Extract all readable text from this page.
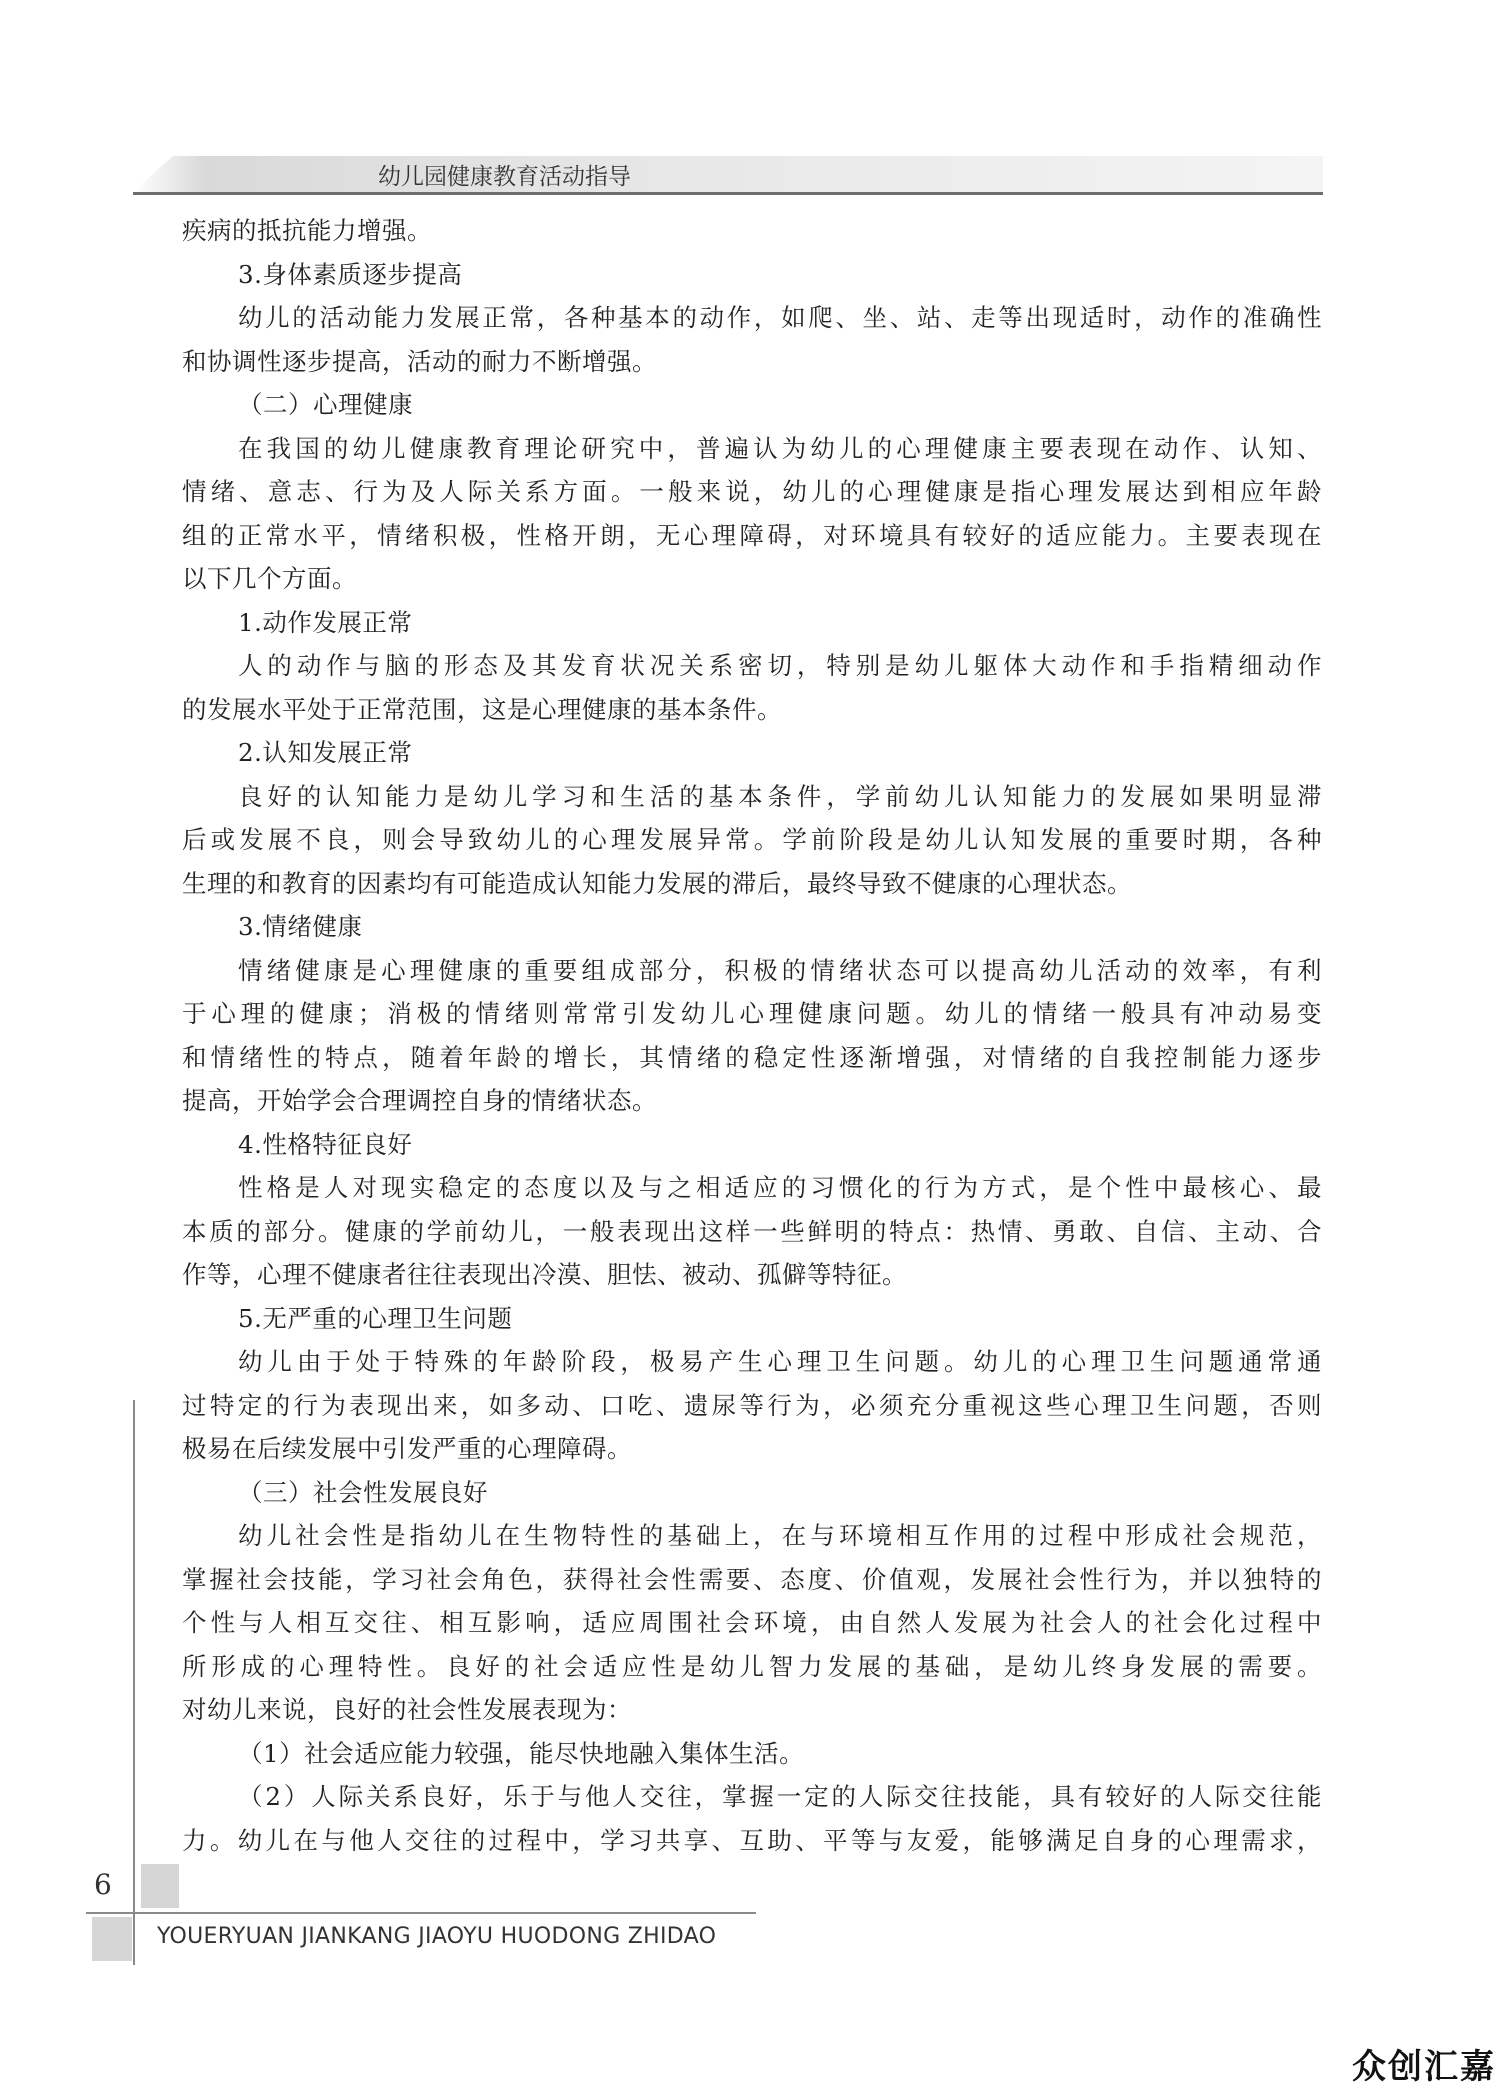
幼儿园健康教育活动指导
疾病的抵抗能力增强。
3.身体素质逐步提高
幼儿的活动能力发展正常，各种基本的动作，如爬、坐、站、走等出现适时，动作的准确性
和协调性逐步提高，活动的耐力不断增强。
（二）心理健康
在我国的幼儿健康教育理论研究中，普遍认为幼儿的心理健康主要表现在动作、认知、
情绪、意志、行为及人际关系方面。一般来说，幼儿的心理健康是指心理发展达到相应年龄
组的正常水平，情绪积极，性格开朗，无心理障碍，对环境具有较好的适应能力。主要表现在
以下几个方面。
1.动作发展正常
人的动作与脑的形态及其发育状况关系密切，特别是幼儿躯体大动作和手指精细动作
的发展水平处于正常范围，这是心理健康的基本条件。
2.认知发展正常
良好的认知能力是幼儿学习和生活的基本条件，学前幼儿认知能力的发展如果明显滞
后或发展不良，则会导致幼儿的心理发展异常。学前阶段是幼儿认知发展的重要时期，各种
生理的和教育的因素均有可能造成认知能力发展的滞后，最终导致不健康的心理状态。
3.情绪健康
情绪健康是心理健康的重要组成部分，积极的情绪状态可以提高幼儿活动的效率，有利
于心理的健康；消极的情绪则常常引发幼儿心理健康问题。幼儿的情绪一般具有冲动易变
和情绪性的特点，随着年龄的增长，其情绪的稳定性逐渐增强，对情绪的自我控制能力逐步
提高，开始学会合理调控自身的情绪状态。
4.性格特征良好
性格是人对现实稳定的态度以及与之相适应的习惯化的行为方式，是个性中最核心、最
本质的部分。健康的学前幼儿，一般表现出这样一些鲜明的特点：热情、勇敢、自信、主动、合
作等，心理不健康者往往表现出冷漠、胆怯、被动、孤僻等特征。
5.无严重的心理卫生问题
幼儿由于处于特殊的年龄阶段，极易产生心理卫生问题。幼儿的心理卫生问题通常通
过特定的行为表现出来，如多动、口吃、遗尿等行为，必须充分重视这些心理卫生问题，否则
极易在后续发展中引发严重的心理障碍。
（三）社会性发展良好
幼儿社会性是指幼儿在生物特性的基础上，在与环境相互作用的过程中形成社会规范，
掌握社会技能，学习社会角色，获得社会性需要、态度、价值观，发展社会性行为，并以独特的
个性与人相互交往、相互影响，适应周围社会环境，由自然人发展为社会人的社会化过程中
所形成的心理特性。良好的社会适应性是幼儿智力发展的基础，是幼儿终身发展的需要。
对幼儿来说，良好的社会性发展表现为：
（1）社会适应能力较强，能尽快地融入集体生活。
（2）人际关系良好，乐于与他人交往，掌握一定的人际交往技能，具有较好的人际交往能
力。幼儿在与他人交往的过程中，学习共享、互助、平等与友爱，能够满足自身的心理需求，
6
YOUERYUAN JIANKANG JIAOYU HUODONG ZHIDAO
众创汇嘉
